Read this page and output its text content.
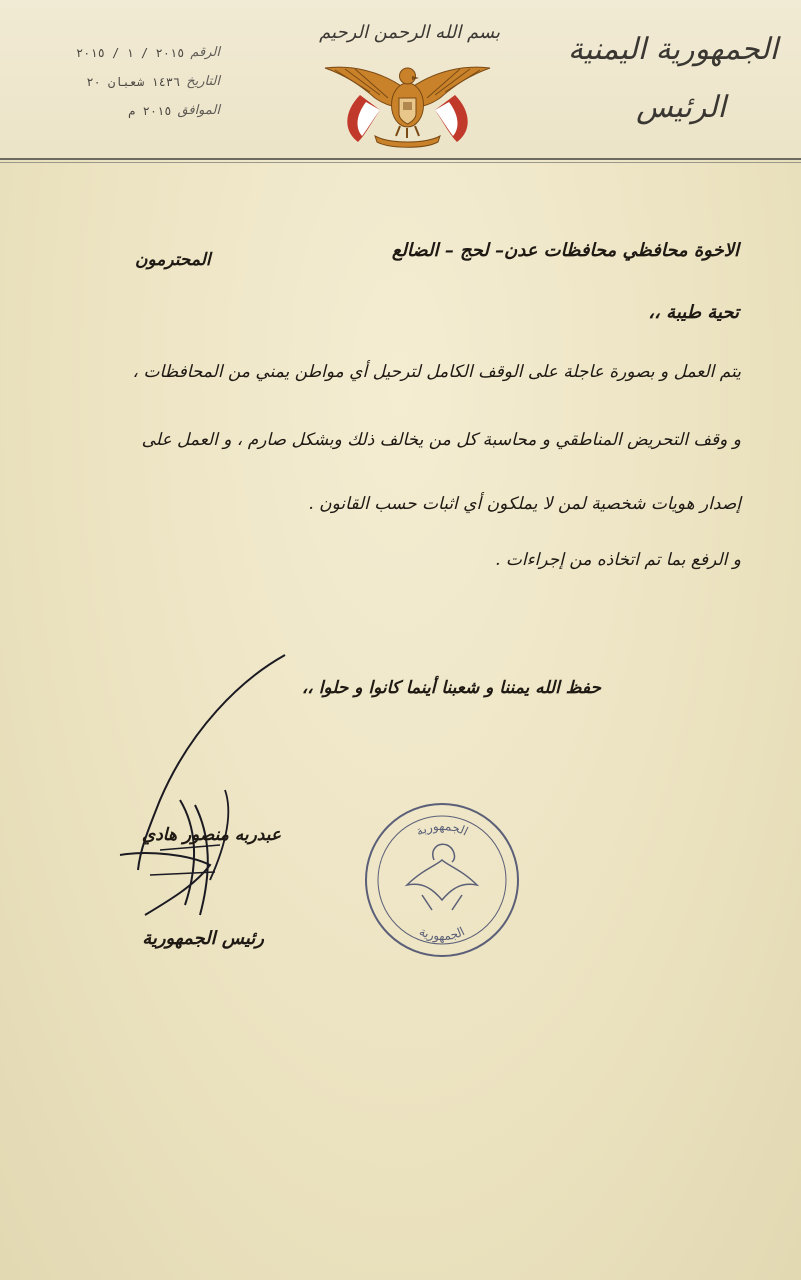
الجمهورية اليمنية
الرئيس
بسم الله الرحمن الرحيم
الرقم
٢٠١٥ / ١ / ٢٠١٥
التاريخ
١٤٣٦ شعبان ٢٠
الموافق
٢٠١٥ م
الاخوة محافظي محافظات عدن– لحج – الضالع
المحترمون
تحية طيبة ،،
يتم العمل و بصورة عاجلة على الوقف الكامل لترحيل أي مواطن يمني من المحافظات ،
و وقف التحريض المناطقي و محاسبة كل من يخالف ذلك وبشكل صارم ، و العمل على
إصدار هويات شخصية لمن لا يملكون أي اثبات حسب القانون .
و الرفع بما تم اتخاذه من إجراءات .
حفظ الله يمننا و شعبنا أينما كانوا و حلوا ،،
عبدربه منصور هادي
رئيس الجمهورية
الجمهورية
الجمهورية
